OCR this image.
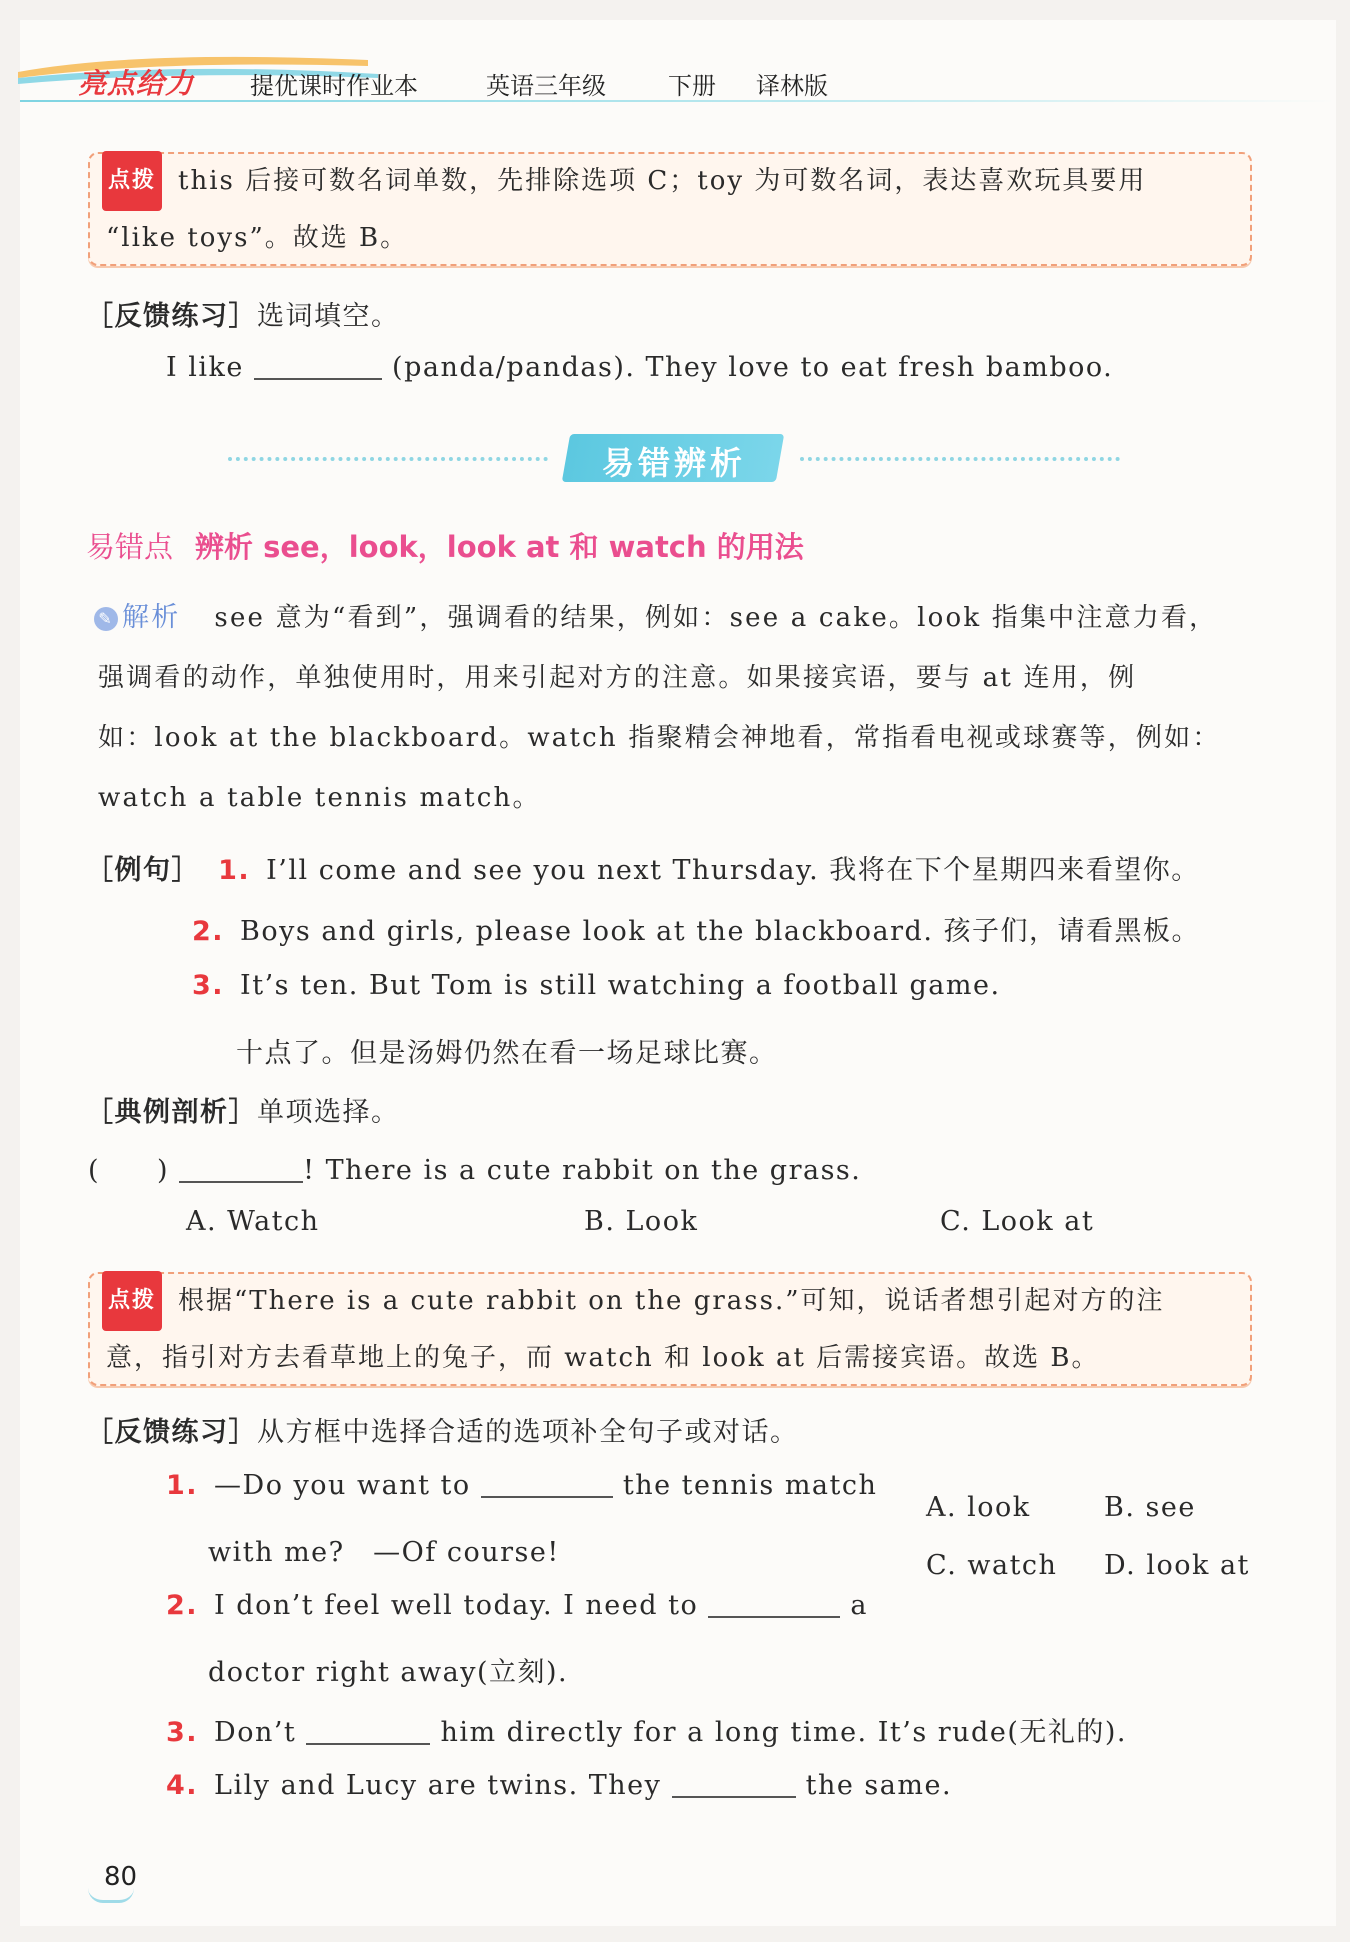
亮点给力 提优课时作业本	英语三年级	下册 译林版
点拨 this 后接可数名词单数，先排除选项 C；toy 为可数名词，表达喜欢玩具要用
“like toys”。故选 B。
［反馈练习］选词填空。
I like	(panda/pandas). They love to eat fresh bamboo.
易错辨析
易错点 辨析 see，look，look at 和 watch 的用法
✎ 解析 see 意为“看到”，强调看的结果，例如：see a cake。look 指集中注意力看，
强调看的动作，单独使用时，用来引起对方的注意。如果接宾语，要与 at 连用，例
如：look at the blackboard。watch 指聚精会神地看，常指看电视或球赛等，例如：
watch a table tennis match。
［例句］ 1. I’ll come and see you next Thursday. 我将在下个星期四来看望你。
2. Boys and girls, please look at the blackboard. 孩子们，请看黑板。
3. It’s ten. But Tom is still watching a football game.
十点了。但是汤姆仍然在看一场足球比赛。
［典例剖析］单项选择。
(　　)	! There is a cute rabbit on the grass.
A. Watch	B. Look	C. Look at
点拨 根据“There is a cute rabbit on the grass.”可知，说话者想引起对方的注
意，指引对方去看草地上的兔子，而 watch 和 look at 后需接宾语。故选 B。
［反馈练习］从方框中选择合适的选项补全句子或对话。
1. —Do you want to	the tennis match
with me?　—Of course!
A. look	B. see
C. watch D. look at
2. I don’t feel well today. I need to	a
doctor right away(立刻).
3. Don’t	him directly for a long time. It’s rude(无礼的).
4. Lily and Lucy are twins. They	the same.
80
